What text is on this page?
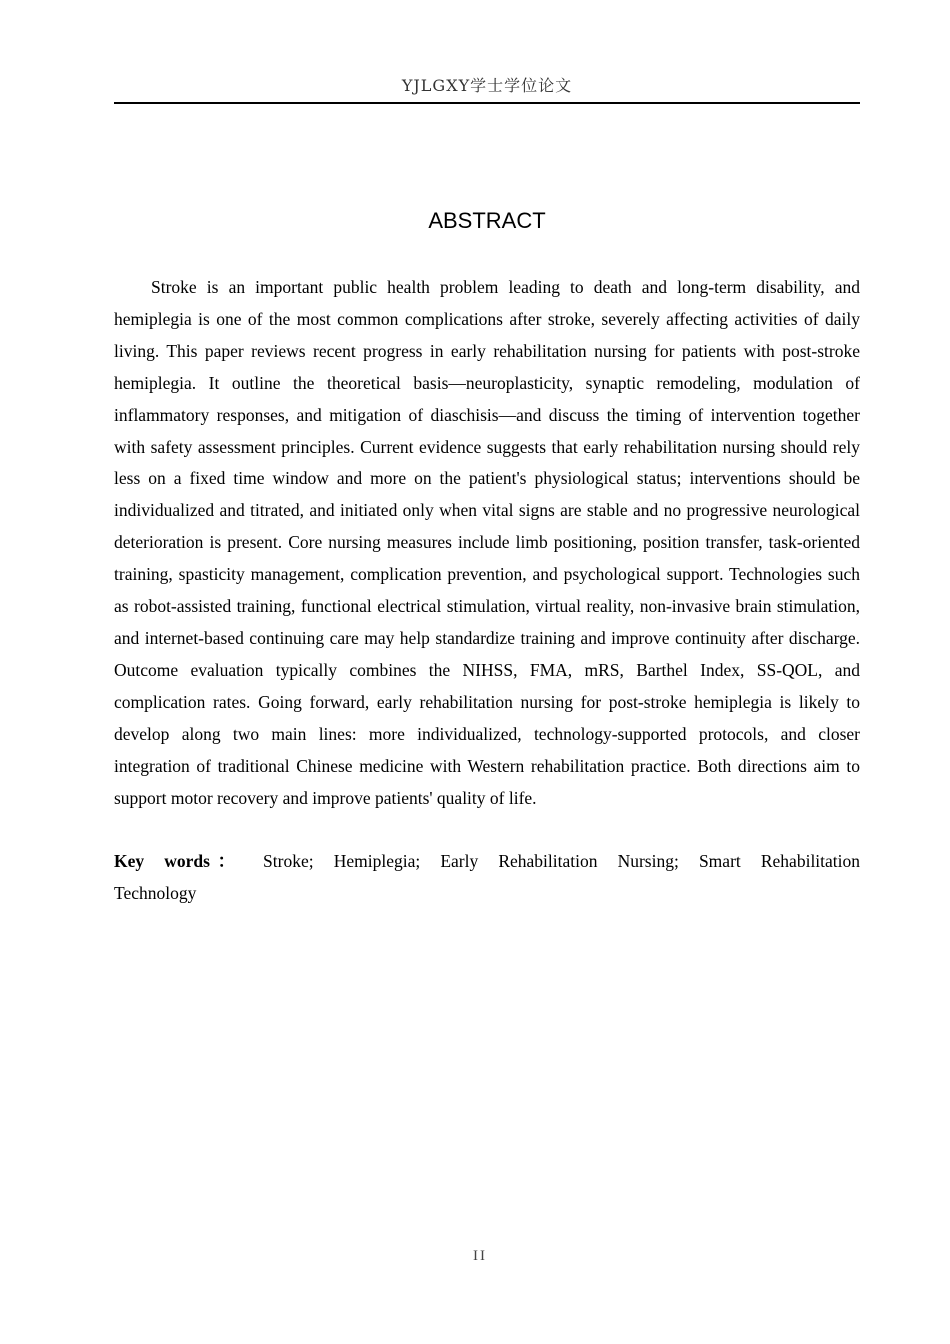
YJLGXY学士学位论文
ABSTRACT

Stroke is an important public health problem leading to death and long-term disability, and hemiplegia is one of the most common complications after stroke, severely affecting activities of daily living. This paper reviews recent progress in early rehabilitation nursing for patients with post-stroke hemiplegia. It outline the theoretical basis—neuroplasticity, synaptic remodeling, modulation of inflammatory responses, and mitigation of diaschisis—and discuss the timing of intervention together with safety assessment principles. Current evidence suggests that early rehabilitation nursing should rely less on a fixed time window and more on the patient's physiological status; interventions should be individualized and titrated, and initiated only when vital signs are stable and no progressive neurological deterioration is present. Core nursing measures include limb positioning, position transfer, task-oriented training, spasticity management, complication prevention, and psychological support. Technologies such as robot-assisted training, functional electrical stimulation, virtual reality, non-invasive brain stimulation, and internet-based continuing care may help standardize training and improve continuity after discharge. Outcome evaluation typically combines the NIHSS, FMA, mRS, Barthel Index, SS-QOL, and complication rates. Going forward, early rehabilitation nursing for post-stroke hemiplegia is likely to develop along two main lines: more individualized, technology-supported protocols, and closer integration of traditional Chinese medicine with Western rehabilitation practice. Both directions aim to support motor recovery and improve patients' quality of life.

Key words： Stroke; Hemiplegia; Early Rehabilitation Nursing; Smart Rehabilitation Technology

II
